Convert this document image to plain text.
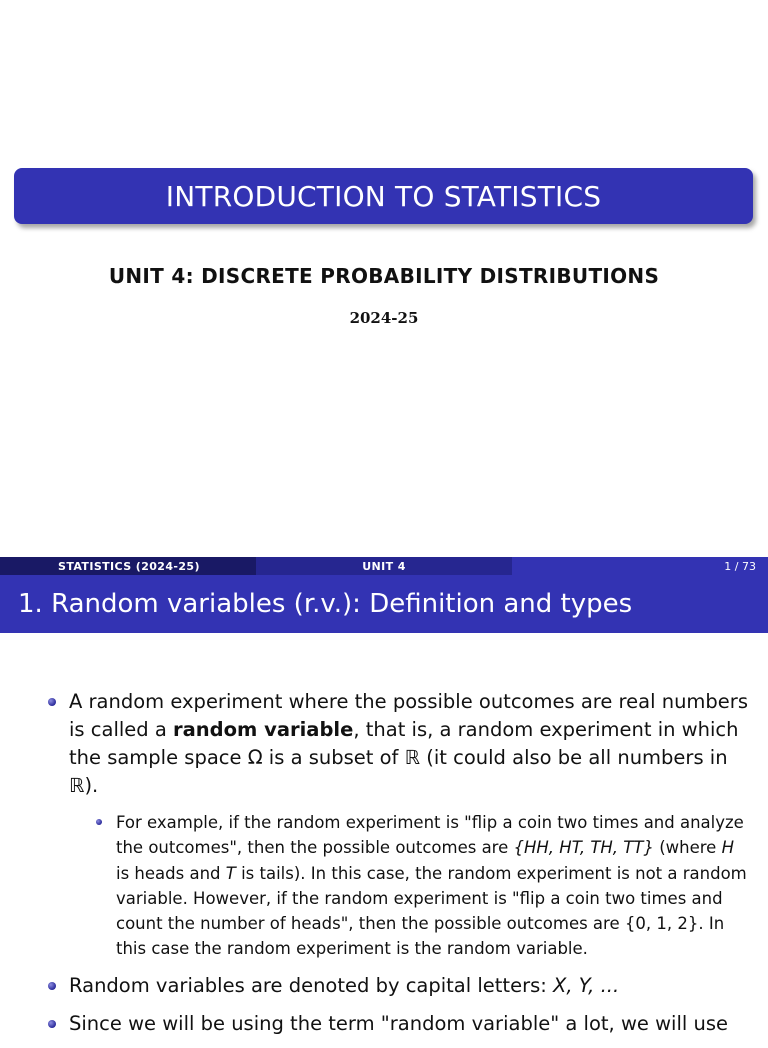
INTRODUCTION TO STATISTICS
UNIT 4: DISCRETE PROBABILITY DISTRIBUTIONS
2024-25
STATISTICS (2024-25)	UNIT 4	1 / 73
1. Random variables (r.v.): Definition and types
A random experiment where the possible outcomes are real numbers is called a random variable, that is, a random experiment in which the sample space Ω is a subset of ℝ (it could also be all numbers in ℝ).
For example, if the random experiment is "flip a coin two times and analyze the outcomes", then the possible outcomes are {HH, HT, TH, TT} (where H is heads and T is tails). In this case, the random experiment is not a random variable. However, if the random experiment is "flip a coin two times and count the number of heads", then the possible outcomes are {0, 1, 2}. In this case the random experiment is the random variable.
Random variables are denoted by capital letters: X, Y, ...
Since we will be using the term "random variable" a lot, we will use
